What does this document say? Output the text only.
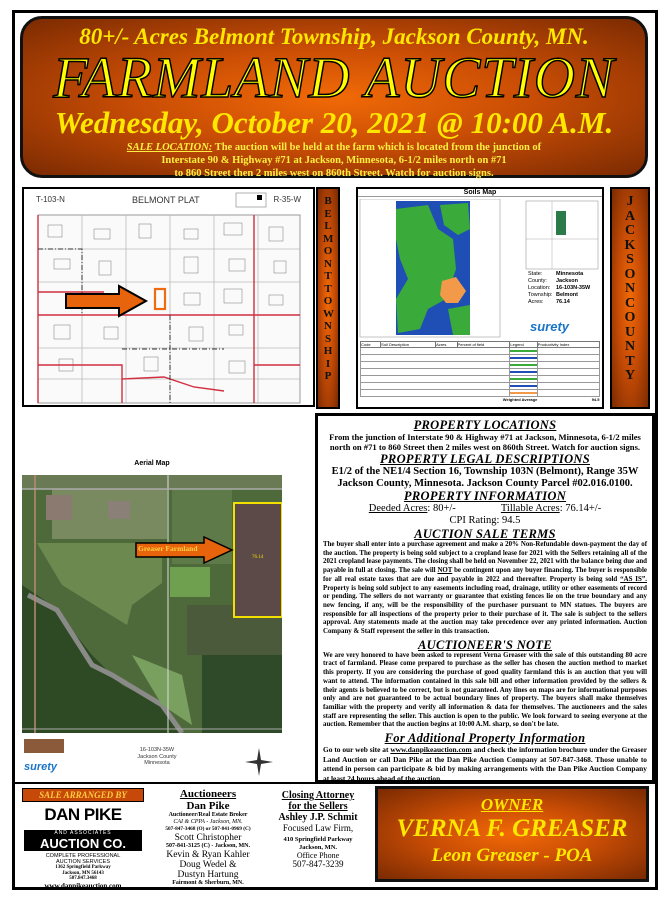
80+/- Acres Belmont Township, Jackson County, MN.
FARMLAND AUCTION
Wednesday, October 20, 2021 @ 10:00 A.M.
SALE LOCATION: The auction will be held at the farm which is located from the junction of
Interstate 90 & Highway #71 at Jackson, Minnesota, 6-1/2 miles north on #71
to 860 Street then 2 miles west on 860th Street. Watch for auction signs.
T-103-N	BELMONT PLAT	R-35-W BELMONT TOWNSHIP
Soils Map
State: Minnesota
County: Jackson
Location: 16-103N-35W
Township: Belmont
Acres: 76.14
surety
Code	Soil Description	Acres	Percent of field	Legend	Productivity Index

Weighted Average					94.5
JACKSON COUNTY
Aerial Map
76.14
Greaser Farmland
surety
16-103N-35W
Jackson County
Minnesota
PROPERTY LOCATIONS
From the junction of Interstate 90 & Highway #71 at Jackson, Minnesota, 6-1/2 miles north on #71 to 860 Street then 2 miles west on 860th Street. Watch for auction signs.
PROPERTY LEGAL DESCRIPTIONS
E1/2 of the NE1/4 Section 16, Township 103N (Belmont), Range 35W
Jackson County, Minnesota. Jackson County Parcel #02.016.0100.
PROPERTY INFORMATION
Deeded Acres: 80+/-	Tillable Acres: 76.14+/-
CPI Rating: 94.5
AUCTION SALE TERMS
The buyer shall enter into a purchase agreement and make a 20% Non-Refundable down-payment the day of the auction. The property is being sold subject to a cropland lease for 2021 with the Sellers retaining all of the 2021 cropland lease payments. The closing shall be held on November 22, 2021 with the balance being due and payable in full at closing. The sale will NOT be contingent upon any buyer financing. The buyer is responsible for all real estate taxes that are due and payable in 2022 and thereafter. Property is being sold “AS IS”. Property is being sold subject to any easements including road, drainage, utility or other easements of record or pending. The sellers do not warranty or guarantee that existing fences lie on the true boundary and any new fencing, if any, will be the responsibility of the purchaser pursuant to MN statues. The buyers are responsible for all inspections of the property prior to their purchase of it. The sale is subject to the sellers approval. Any statements made at the auction may take precedence over any printed information. Auction Company & Staff represent the seller in this transaction.
AUCTIONEER'S NOTE
We are very honored to have been asked to represent Verna Greaser with the sale of this outstanding 80 acre tract of farmland. Please come prepared to purchase as the seller has chosen the auction method to market this property. If you are considering the purchase of good quality farmland this is an auction that you will want to attend. The information contained in this sale bill and other information provided by the sellers & their agents is believed to be correct, but is not guaranteed. Any lines on maps are for informational purposes only and are not guaranteed to be actual boundary lines of property. The buyers shall make themselves familiar with the property and verify all information & data for themselves. The auctioneers and the sales staff are representing the seller. This auction is open to the public. We look forward to seeing everyone at the auction. Remember that the auction begins at 10:00 A.M. sharp, so don't be late.
For Additional Property Information
Go to our web site at www.danpikeauction.com and check the information brochure under the Greaser Land Auction or call Dan Pike at the Dan Pike Auction Company at 507-847-3468. Those unable to attend in person can participate & bid by making arrangements with the Dan Pike Auction Company at least 24 hours ahead of the auction.
SALE ARRANGED BY
DAN PIKE
AND ASSOCIATES
AUCTION CO.
COMPLETE PROFESSIONAL AUCTION SERVICES
1362 Springfield Parkway
Jackson, MN 56143
507.847.3468
www.danpikeauction.com
Auctioneers
Dan Pike
Auctioneer/Real Estate Broker
CAI & CPPA - Jackson, MN.
507-847-3468 (O) or 507-841-0969 (C)
Scott Christopher
507-841-3125 (C) - Jackson, MN.
Kevin & Ryan Kahler
Doug Wedel &
Dustyn Hartung
Fairmont & Sherburn, MN.
Closing Attorney
for the Sellers
Ashley J.P. Schmit
Focused Law Firm,
410 Springfield Parkway
Jackson, MN.
Office Phone
507-847-3239
OWNER
VERNA F. GREASER
Leon Greaser - POA
